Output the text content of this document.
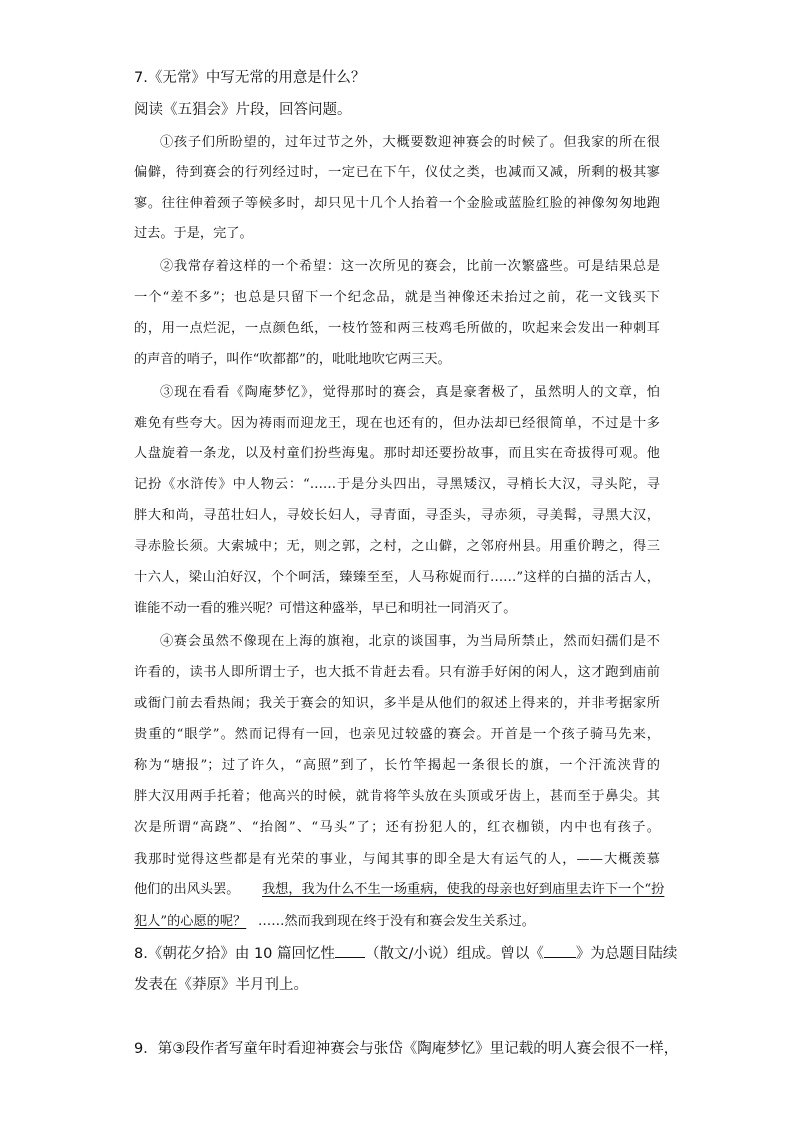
7.《无常》中写无常的用意是什么？
阅读《五猖会》片段，回答问题。
①孩子们所盼望的，过年过节之外，大概要数迎神赛会的时候了。但我家的所在很
偏僻，待到赛会的行列经过时，一定已在下午，仪仗之类，也减而又减，所剩的极其寥
寥。往往伸着颈子等候多时，却只见十几个人抬着一个金脸或蓝脸红脸的神像匆匆地跑
过去。于是，完了。
②我常存着这样的一个希望：这一次所见的赛会，比前一次繁盛些。可是结果总是
一个“差不多”；也总是只留下一个纪念品，就是当神像还未抬过之前，花一文钱买下
的，用一点烂泥，一点颜色纸，一枝竹签和两三枝鸡毛所做的，吹起来会发出一种刺耳
的声音的哨子，叫作“吹都都”的，吡吡地吹它两三天。
③现在看看《陶庵梦忆》，觉得那时的赛会，真是豪奢极了，虽然明人的文章，怕
难免有些夸大。因为祷雨而迎龙王，现在也还有的，但办法却已经很简单，不过是十多
人盘旋着一条龙，以及村童们扮些海鬼。那时却还要扮故事，而且实在奇拔得可观。他
记扮《水浒传》中人物云：“……于是分头四出，寻黑矮汉，寻梢长大汉，寻头陀，寻
胖大和尚，寻茁壮妇人，寻姣长妇人，寻青面，寻歪头，寻赤须，寻美髯，寻黑大汉，
寻赤脸长须。大索城中；无，则之郭，之村，之山僻，之邻府州县。用重价聘之，得三
十六人，梁山泊好汉，个个呵活，臻臻至至，人马称娖而行……”这样的白描的活古人，
谁能不动一看的雅兴呢？可惜这种盛举，早已和明社一同消灭了。
④赛会虽然不像现在上海的旗袍，北京的谈国事，为当局所禁止，然而妇孺们是不
许看的，读书人即所谓士子，也大抵不肯赶去看。只有游手好闲的闲人，这才跑到庙前
或衙门前去看热闹；我关于赛会的知识，多半是从他们的叙述上得来的，并非考据家所
贵重的“眼学”。然而记得有一回，也亲见过较盛的赛会。开首是一个孩子骑马先来，
称为“塘报”；过了许久，“高照”到了，长竹竿揭起一条很长的旗，一个汗流浃背的
胖大汉用两手托着；他高兴的时候，就肯将竿头放在头顶或牙齿上，甚而至于鼻尖。其
次是所谓“高跷”、“抬阁”、“马头”了；还有扮犯人的，红衣枷锁，内中也有孩子。
我那时觉得这些都是有光荣的事业，与闻其事的即全是大有运气的人，——大概羡慕
他们的出风头罢。	我想，我为什么不生一场重病，使我的母亲也好到庙里去许下一个“扮
犯人”的心愿的呢？ ……然而我到现在终于没有和赛会发生关系过。
8.《朝花夕拾》由 10 篇回忆性 （散文/小说）组成。曾以《 》为总题目陆续
发表在《莽原》半月刊上。
9．第③段作者写童年时看迎神赛会与张岱《陶庵梦忆》里记载的明人赛会很不一样，
